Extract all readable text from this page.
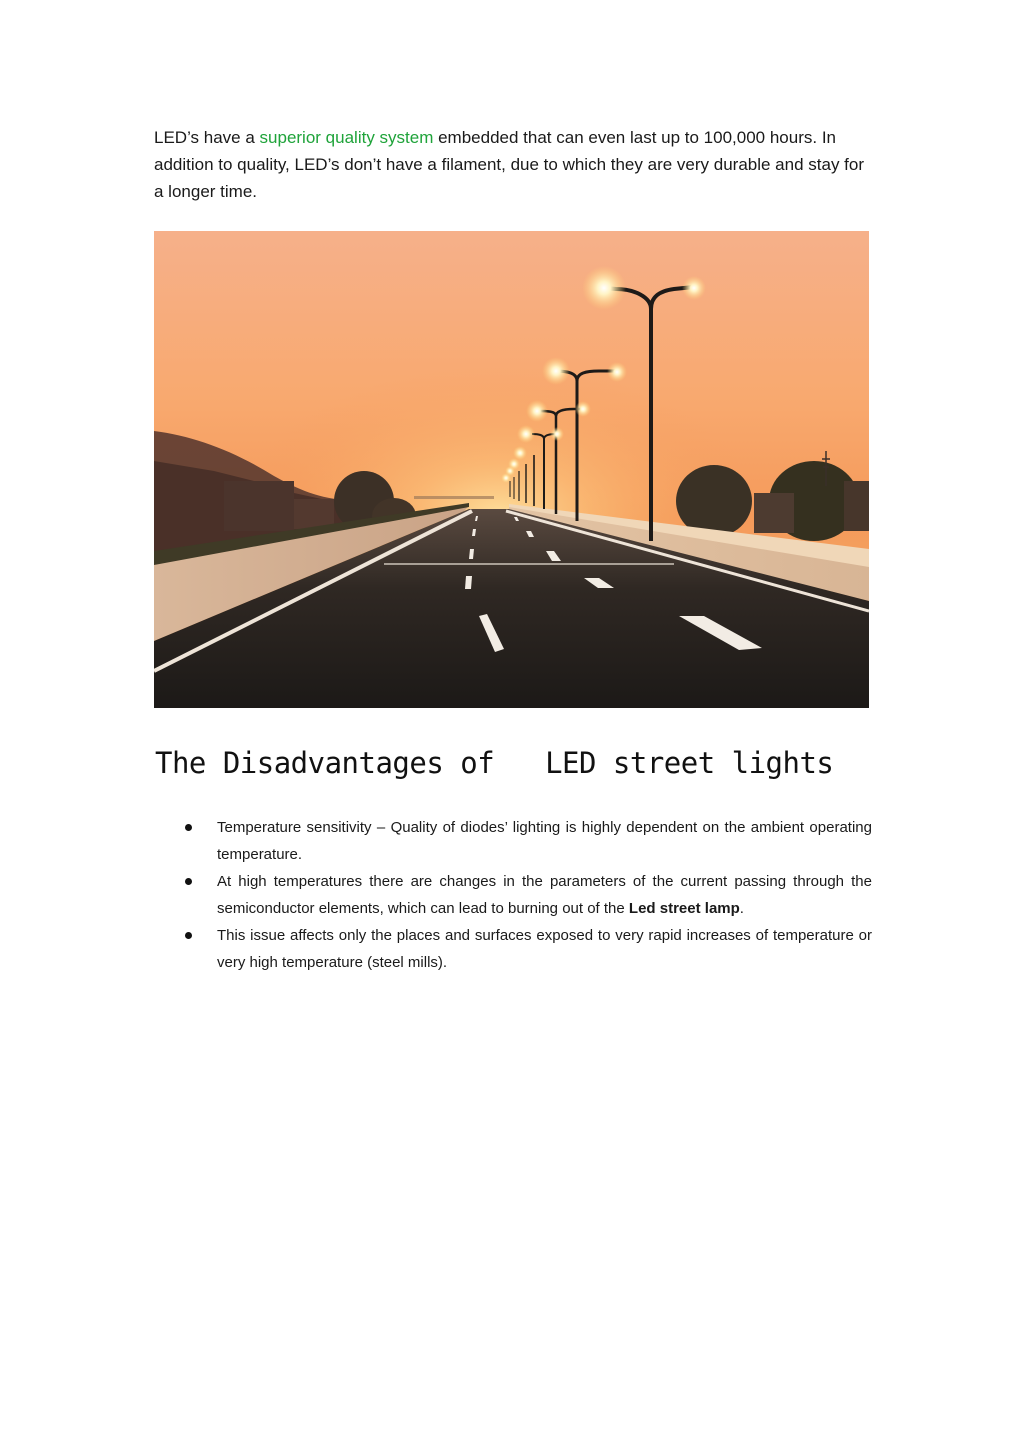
LED’s have a superior quality system embedded that can even last up to 100,000 hours. In addition to quality, LED’s don’t have a filament, due to which they are very durable and stay for a longer time.

The Disadvantages of   LED street lights
Temperature sensitivity – Quality of diodes’ lighting is highly dependent on the ambient operating temperature.
At high temperatures there are changes in the parameters of the current passing through the semiconductor elements, which can lead to burning out of the Led street lamp.
This issue affects only the places and surfaces exposed to very rapid increases of temperature or very high temperature (steel mills).
